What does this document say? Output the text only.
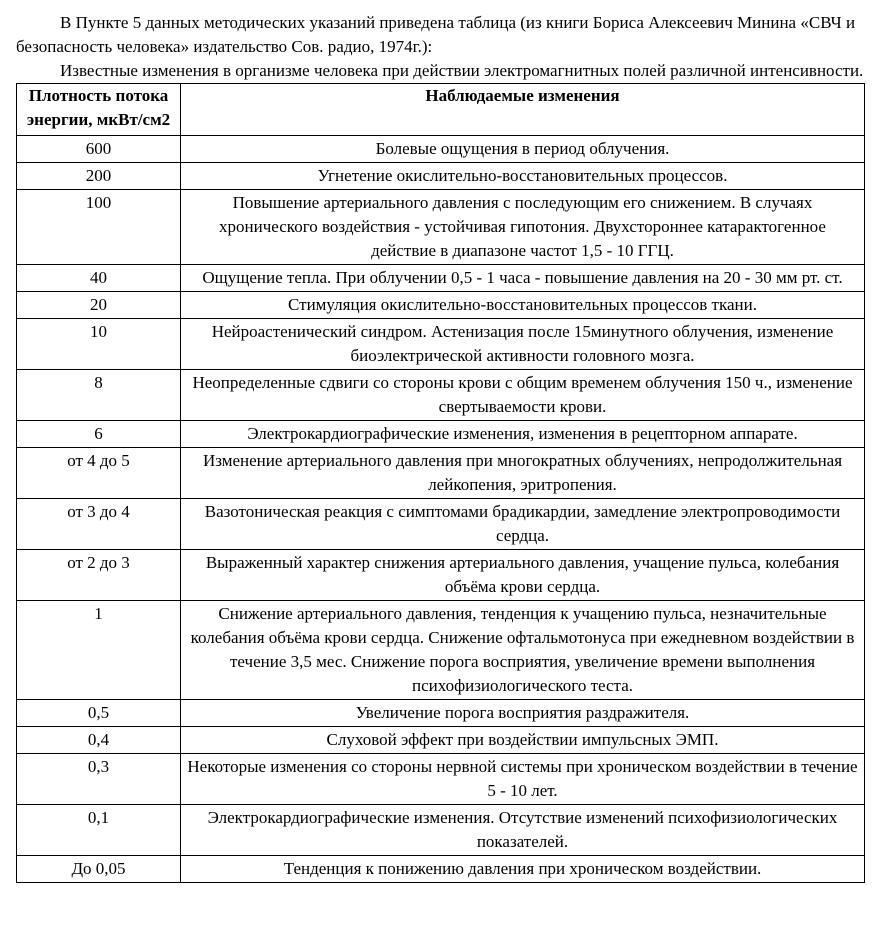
В Пункте 5 данных методических указаний приведена таблица (из книги Бориса Алексеевич Минина «СВЧ и безопасность человека» издательство Сов. радио, 1974г.):

Известные изменения в организме человека при действии электромагнитных полей различной интенсивности.

Плотность потока энергии, мкВт/см2	Наблюдаемые изменения
600	Болевые ощущения в период облучения.
200	Угнетение окислительно-восстановительных процессов.
100	Повышение артериального давления с последующим его снижением. В случаях хронического воздействия - устойчивая гипотония. Двухстороннее катарактогенное действие в диапазоне частот 1,5 - 10 ГГЦ.
40	Ощущение тепла. При облучении 0,5 - 1 часа - повышение давления на 20 - 30 мм рт. ст.
20	Стимуляция окислительно-восстановительных процессов ткани.
10	Нейроастенический синдром. Астенизация после 15минутного облучения, изменение биоэлектрической активности головного мозга.
8	Неопределенные сдвиги со стороны крови с общим временем облучения 150 ч., изменение свертываемости крови.
6	Электрокардиографические изменения, изменения в рецепторном аппарате.
от 4 до 5	Изменение артериального давления при многократных облучениях, непродолжительная лейкопения, эритропения.
от 3 до 4	Вазотоническая реакция с симптомами брадикардии, замедление электропроводимости сердца.
от 2 до 3	Выраженный характер снижения артериального давления, учащение пульса, колебания объёма крови сердца.
1	Снижение артериального давления, тенденция к учащению пульса, незначительные колебания объёма крови сердца. Снижение офтальмотонуса при ежедневном воздействии в течение 3,5 мес. Снижение порога восприятия, увеличение времени выполнения психофизиологического теста.
0,5	Увеличение порога восприятия раздражителя.
0,4	Слуховой эффект при воздействии импульсных ЭМП.
0,3	Некоторые изменения со стороны нервной системы при хроническом воздействии в течение 5 - 10 лет.
0,1	Электрокардиографические изменения. Отсутствие изменений психофизиологических показателей.
До 0,05	Тенденция к понижению давления при хроническом воздействии.
